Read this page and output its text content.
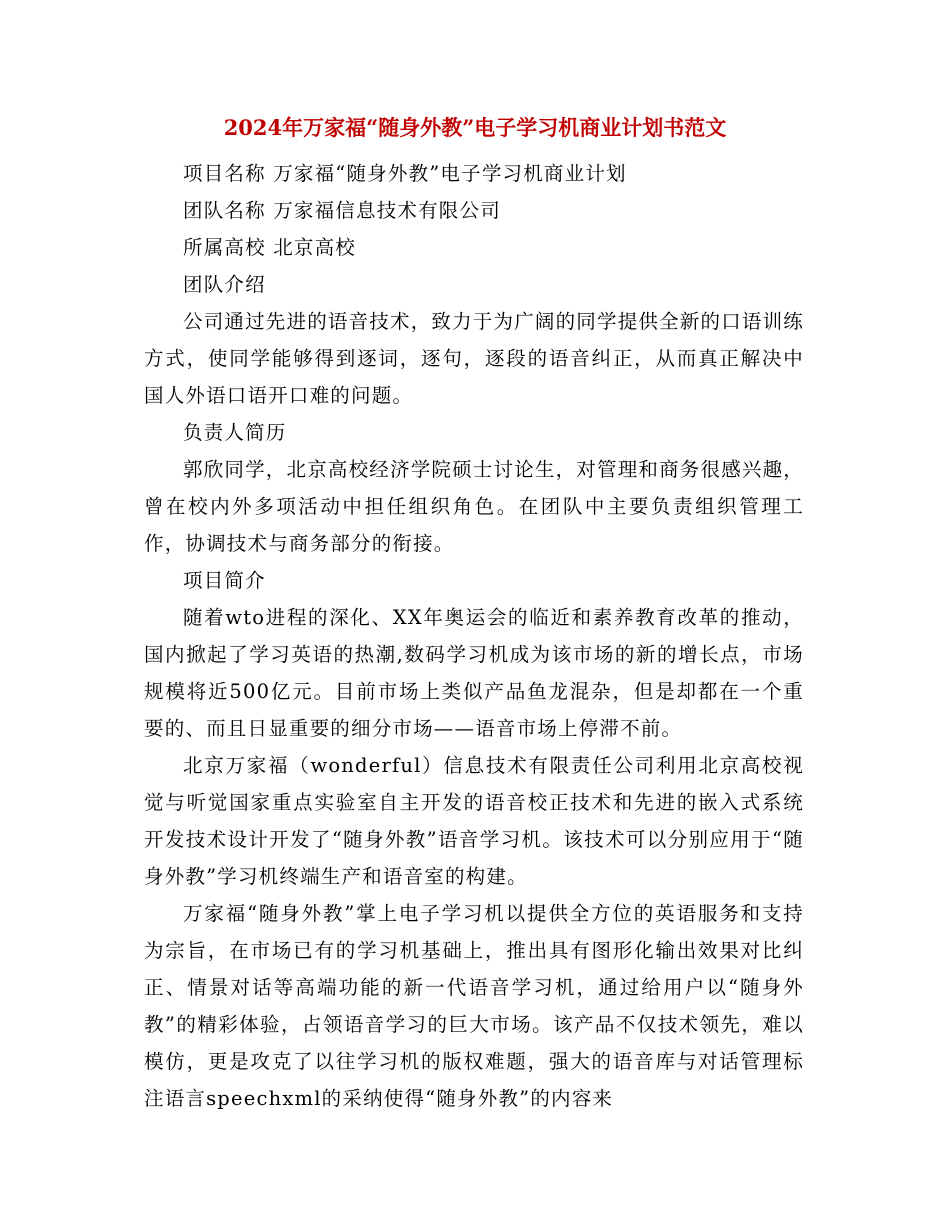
2024年万家福“随身外教”电子学习机商业计划书范文

项目名称 万家福“随身外教”电子学习机商业计划

团队名称 万家福信息技术有限公司

所属高校 北京高校

团队介绍

公司通过先进的语音技术，致力于为广阔的同学提供全新的口语训练方式，使同学能够得到逐词，逐句，逐段的语音纠正，从而真正解决中国人外语口语开口难的问题。

负责人简历

郭欣同学，北京高校经济学院硕士讨论生，对管理和商务很感兴趣，曾在校内外多项活动中担任组织角色。在团队中主要负责组织管理工作，协调技术与商务部分的衔接。

项目简介

随着wto进程的深化、XX年奥运会的临近和素养教育改革的推动，国内掀起了学习英语的热潮,数码学习机成为该市场的新的增长点，市场规模将近500亿元。目前市场上类似产品鱼龙混杂，但是却都在一个重要的、而且日显重要的细分市场——语音市场上停滞不前。

北京万家福（wonderful）信息技术有限责任公司利用北京高校视觉与听觉国家重点实验室自主开发的语音校正技术和先进的嵌入式系统开发技术设计开发了“随身外教”语音学习机。该技术可以分别应用于“随身外教”学习机终端生产和语音室的构建。

万家福“随身外教”掌上电子学习机以提供全方位的英语服务和支持为宗旨，在市场已有的学习机基础上，推出具有图形化输出效果对比纠正、情景对话等高端功能的新一代语音学习机，通过给用户以“随身外教”的精彩体验，占领语音学习的巨大市场。该产品不仅技术领先，难以模仿，更是攻克了以往学习机的版权难题，强大的语音库与对话管理标注语言speechxml的采纳使得“随身外教”的内容来
